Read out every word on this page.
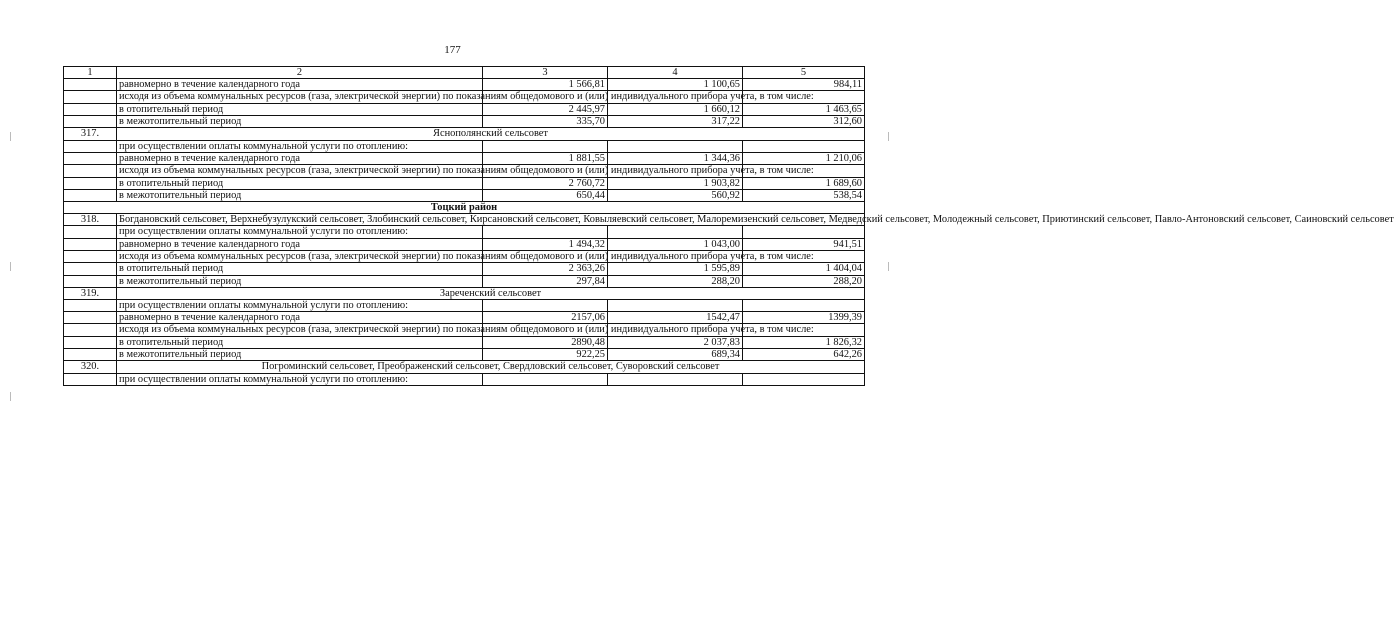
177
1	2	3	4	5
	равномерно в течение календарного года	1 566,81	1 100,65	984,11
	исходя из объема коммунальных ресурсов (газа, электрической энергии) по показаниям общедомового и (или) индивидуального прибора учета, в том числе:			
	в отопительный период	2 445,97	1 660,12	1 463,65
	в межотопительный период	335,70	317,22	312,60
317.	Яснополянский сельсовет			
	при осуществлении оплаты коммунальной услуги по отоплению:			
	равномерно в течение календарного года	1 881,55	1 344,36	1 210,06
	исходя из объема коммунальных ресурсов (газа, электрической энергии) по показаниям общедомового и (или) индивидуального прибора учета, в том числе:			
	в отопительный период	2 760,72	1 903,82	1 689,60
	в межотопительный период	650,44	560,92	538,54
Тоцкий район				
318.	Богдановский сельсовет, Верхнебузулукский сельсовет, Злобинский сельсовет, Кирсановский сельсовет, Ковыляевский сельсовет, Малоремизенский сельсовет, Медведский сельсовет, Молодежный сельсовет, Приютинский сельсовет, Павло-Антоновский сельсовет, Саиновский сельсовет			
	при осуществлении оплаты коммунальной услуги по отоплению:			
	равномерно в течение календарного года	1 494,32	1 043,00	941,51
	исходя из объема коммунальных ресурсов (газа, электрической энергии) по показаниям общедомового и (или) индивидуального прибора учета, в том числе:			
	в отопительный период	2 363,26	1 595,89	1 404,04
	в межотопительный период	297,84	288,20	288,20
319.	Зареченский сельсовет			
	при осуществлении оплаты коммунальной услуги по отоплению:			
	равномерно в течение календарного года	2157,06	1542,47	1399,39
	исходя из объема коммунальных ресурсов (газа, электрической энергии) по показаниям общедомового и (или) индивидуального прибора учета, в том числе:			
	в отопительный период	2890,48	2 037,83	1 826,32
	в межотопительный период	922,25	689,34	642,26
320.	Погроминский сельсовет, Преображенский сельсовет, Свердловский сельсовет, Суворовский сельсовет			
	при осуществлении оплаты коммунальной услуги по отоплению:			
